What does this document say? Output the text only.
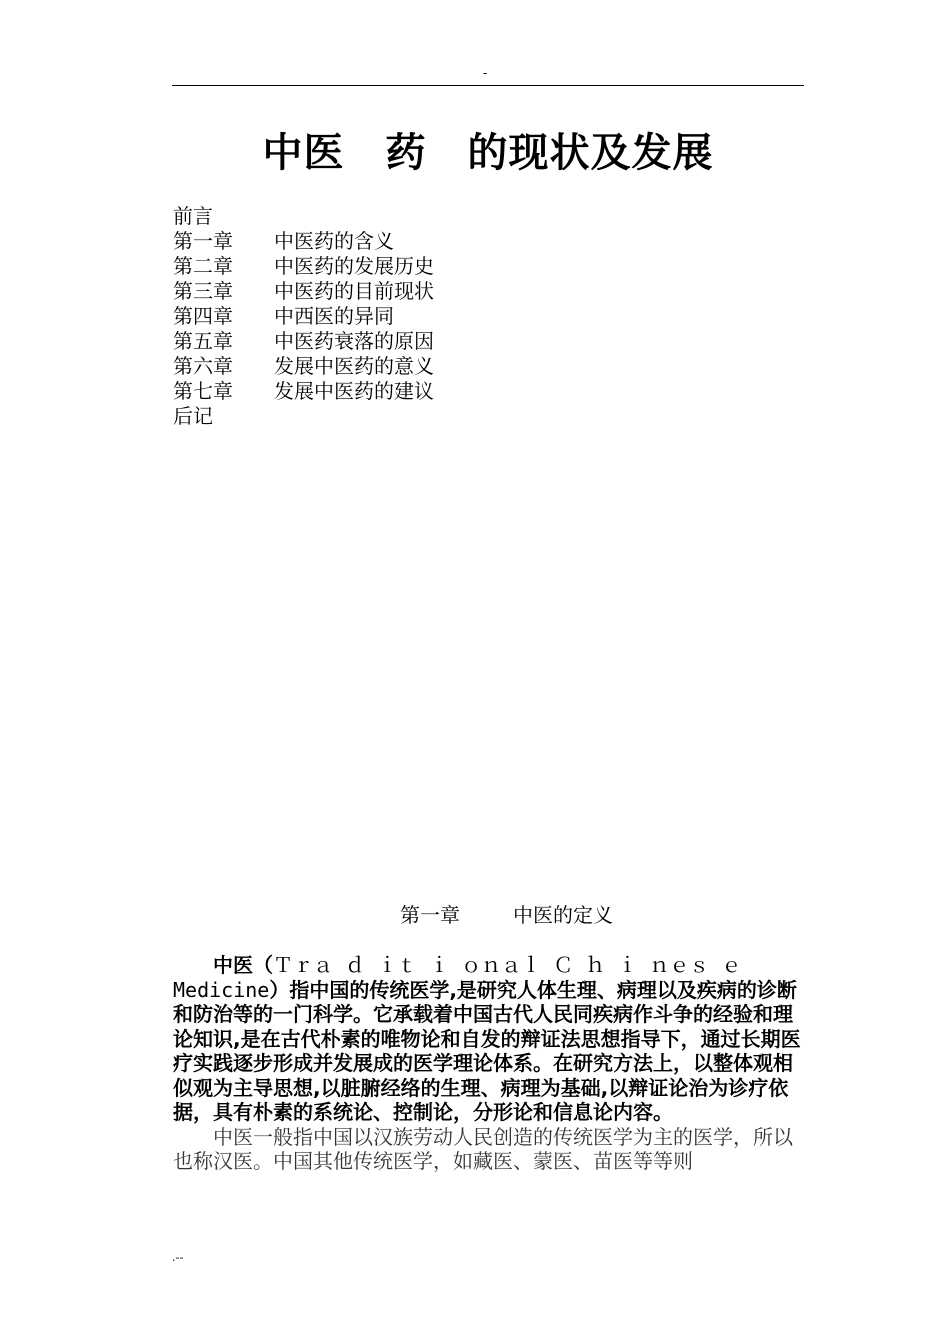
-
中医　药　的现状及发展
前言
第一章 中医药的含义
第二章 中医药的发展历史
第三章 中医药的目前现状
第四章 中西医的异同
第五章 中医药衰落的原因
第六章 发展中医药的意义
第七章 发展中医药的建议
后记
第一章	中医的定义

中医（Ｔｒａ ｄ ｉｔ ｉ ｏｎａｌ Ｃ ｈ ｉ ｎｅｓ ｅ　Medicine）指中国的传统医学,是研究人体生理、病理以及疾病的诊断和防治等的一门科学。它承载着中国古代人民同疾病作斗争的经验和理论知识,是在古代朴素的唯物论和自发的辩证法思想指导下，通过长期医疗实践逐步形成并发展成的医学理论体系。在研究方法上，以整体观相似观为主导思想,以脏腑经络的生理、病理为基础,以辩证论治为诊疗依据，具有朴素的系统论、控制论，分形论和信息论内容。

中医一般指中国以汉族劳动人民创造的传统医学为主的医学，所以也称汉医。中国其他传统医学，如藏医、蒙医、苗医等等则

.--
